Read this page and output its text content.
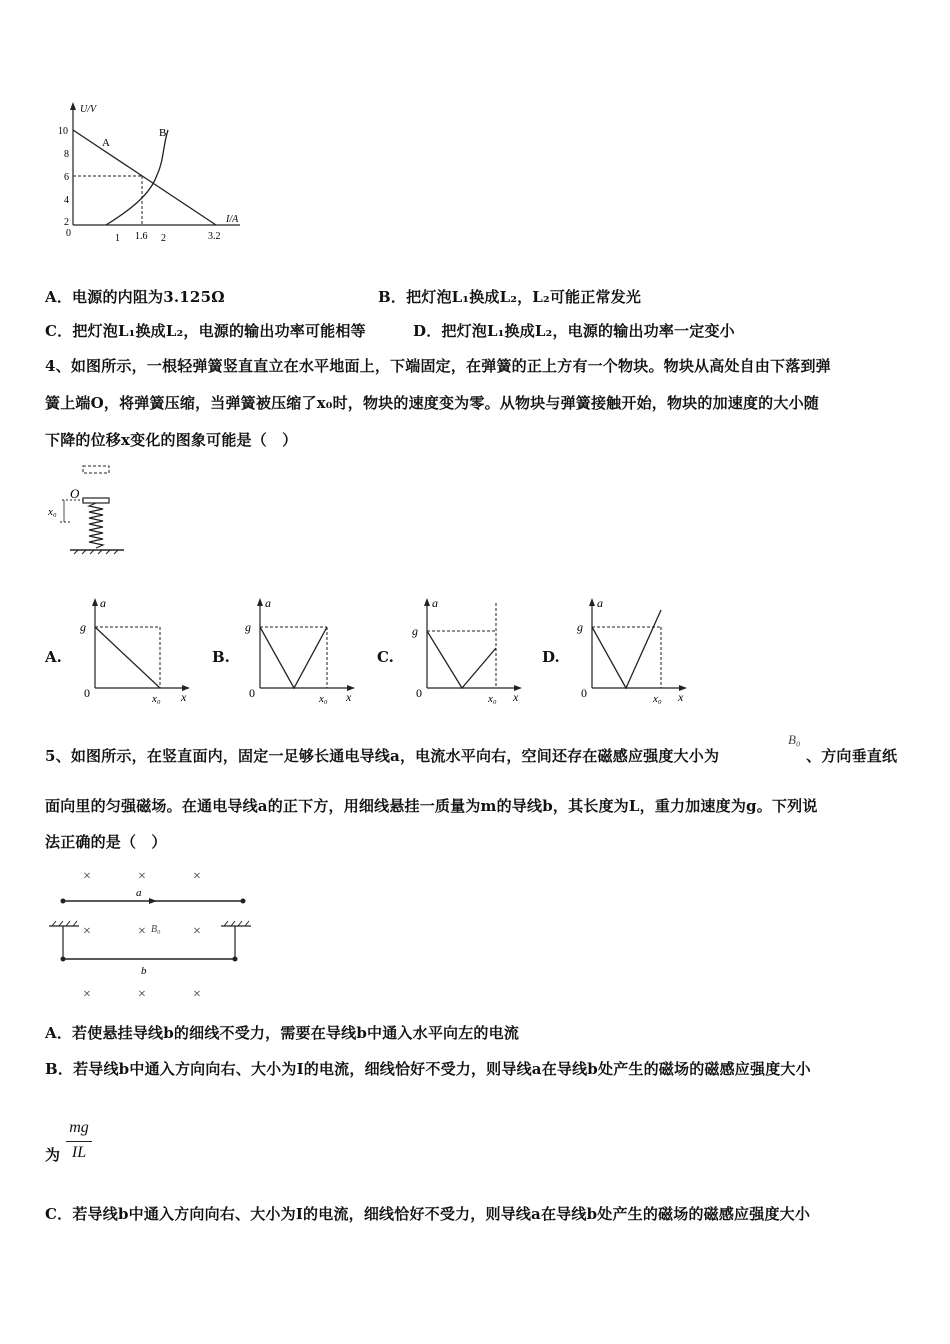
U/V
I/A
10
8
6
4
2
0	1 1.6 2	3.2
A
B
A．电源的内阻为3.125Ω	B．把灯泡L₁换成L₂，L₂可能正常发光
C．把灯泡L₁换成L₂，电源的输出功率可能相等	D．把灯泡L₁换成L₂，电源的输出功率一定变小
4、如图所示，一根轻弹簧竖直直立在水平地面上，下端固定，在弹簧的正上方有一个物块。物块从高处自由下落到弹
簧上端O，将弹簧压缩，当弹簧被压缩了x₀时，物块的速度变为零。从物块与弹簧接触开始，物块的加速度的大小随
下降的位移x变化的图象可能是（　）
O
x₀
A.
a
g
0	x₀ x
B.
a
g
0	x₀ x
C.
a
g
0	x₀ x
D.
a
g
0	x₀ x
5、如图所示，在竖直面内，固定一足够长通电导线a，电流水平向右，空间还存在磁感应强度大小为
B₀
、方向垂直纸
面向里的匀强磁场。在通电导线a的正下方，用细线悬挂一质量为m的导线b，其长度为L，重力加速度为g。下列说
法正确的是（　）
×	×	×
a
×	× B₀ ×
b
×	×	×
A．若使悬挂导线b的细线不受力，需要在导线b中通入水平向左的电流
B．若导线b中通入方向向右、大小为I的电流，细线恰好不受力，则导线a在导线b处产生的磁场的磁感应强度大小
为
mg
IL
C．若导线b中通入方向向右、大小为I的电流，细线恰好不受力，则导线a在导线b处产生的磁场的磁感应强度大小
